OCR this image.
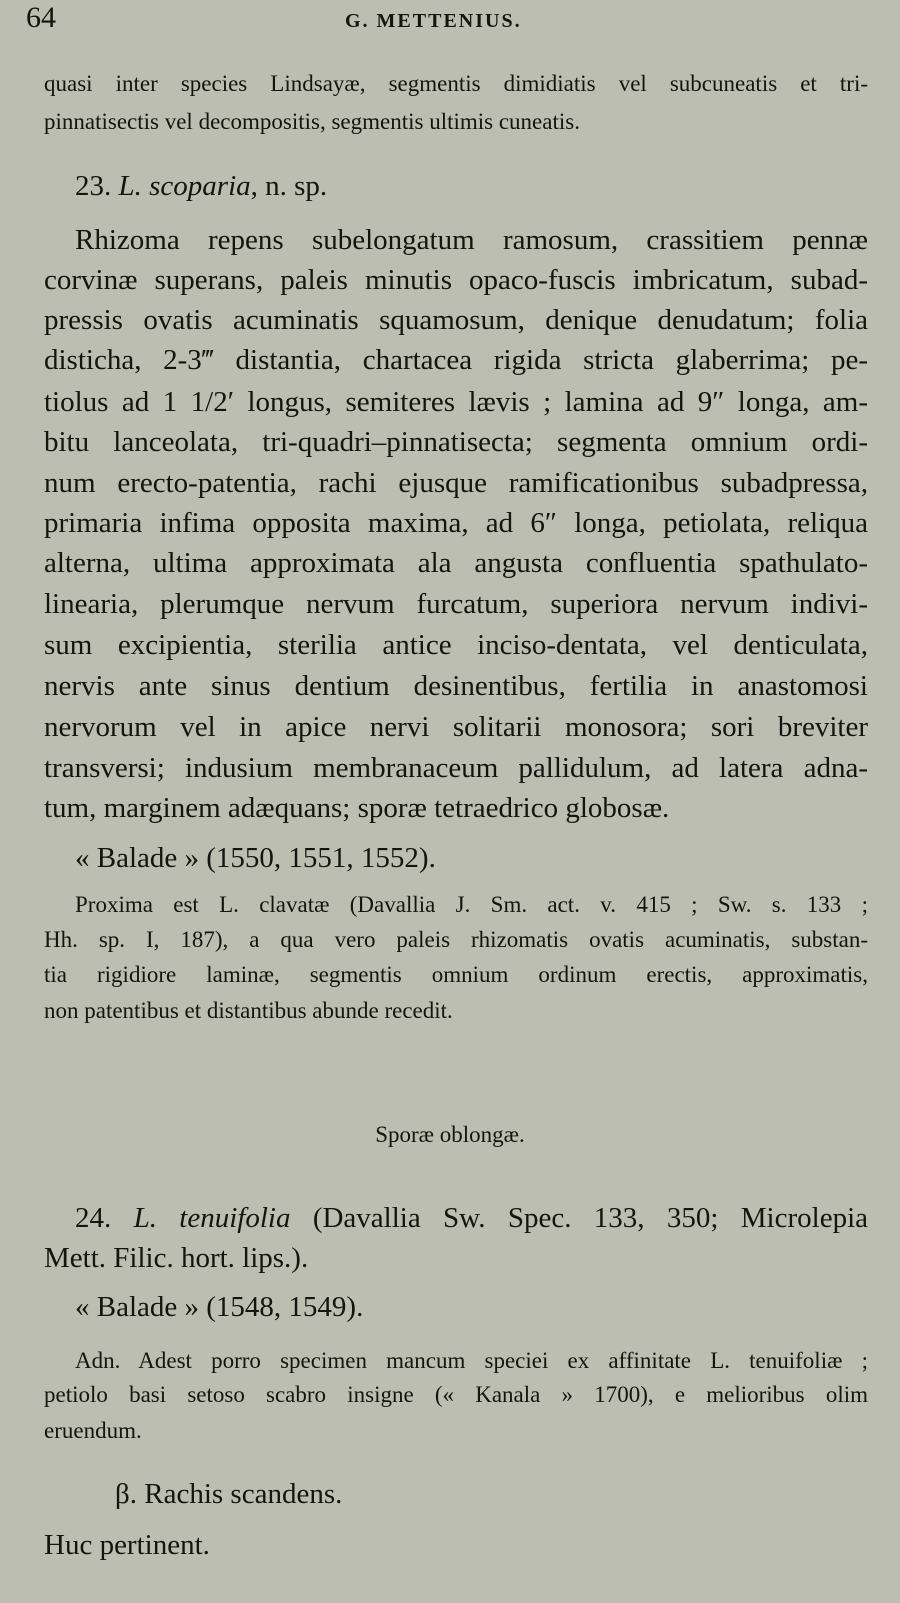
64	G. METTENIUS.
quasi inter species Lindsayæ, segmentis dimidiatis vel subcuneatis et tri-
pinnatisectis vel decompositis, segmentis ultimis cuneatis.
23. L. scoparia, n. sp.
Rhizoma repens subelongatum ramosum, crassitiem pennæ
corvinæ superans, paleis minutis opaco-fuscis imbricatum, subad-
pressis ovatis acuminatis squamosum, denique denudatum; folia
disticha, 2-3‴ distantia, chartacea rigida stricta glaberrima; pe-
tiolus ad 1 1/2′ longus, semiteres lævis ; lamina ad 9″ longa, am-
bitu lanceolata, tri-quadri–pinnatisecta; segmenta omnium ordi-
num erecto-patentia, rachi ejusque ramificationibus subadpressa,
primaria infima opposita maxima, ad 6″ longa, petiolata, reliqua
alterna, ultima approximata ala angusta confluentia spathulato-
linearia, plerumque nervum furcatum, superiora nervum indivi-
sum excipientia, sterilia antice inciso-dentata, vel denticulata,
nervis ante sinus dentium desinentibus, fertilia in anastomosi
nervorum vel in apice nervi solitarii monosora; sori breviter
transversi; indusium membranaceum pallidulum, ad latera adna-
tum, marginem adæquans; sporæ tetraedrico globosæ.
« Balade » (1550, 1551, 1552).
Proxima est L. clavatæ (Davallia J. Sm. act. v. 415 ; Sw. s. 133 ;
Hh. sp. I, 187), a qua vero paleis rhizomatis ovatis acuminatis, substan-
tia rigidiore laminæ, segmentis omnium ordinum erectis, approximatis,
non patentibus et distantibus abunde recedit.
Sporæ oblongæ.
24. L. tenuifolia (Davallia Sw. Spec. 133, 350; Microlepia
Mett. Filic. hort. lips.).
« Balade » (1548, 1549).
Adn. Adest porro specimen mancum speciei ex affinitate L. tenuifoliæ ;
petiolo basi setoso scabro insigne (« Kanala » 1700), e melioribus olim
eruendum.
β. Rachis scandens.
Huc pertinent.
